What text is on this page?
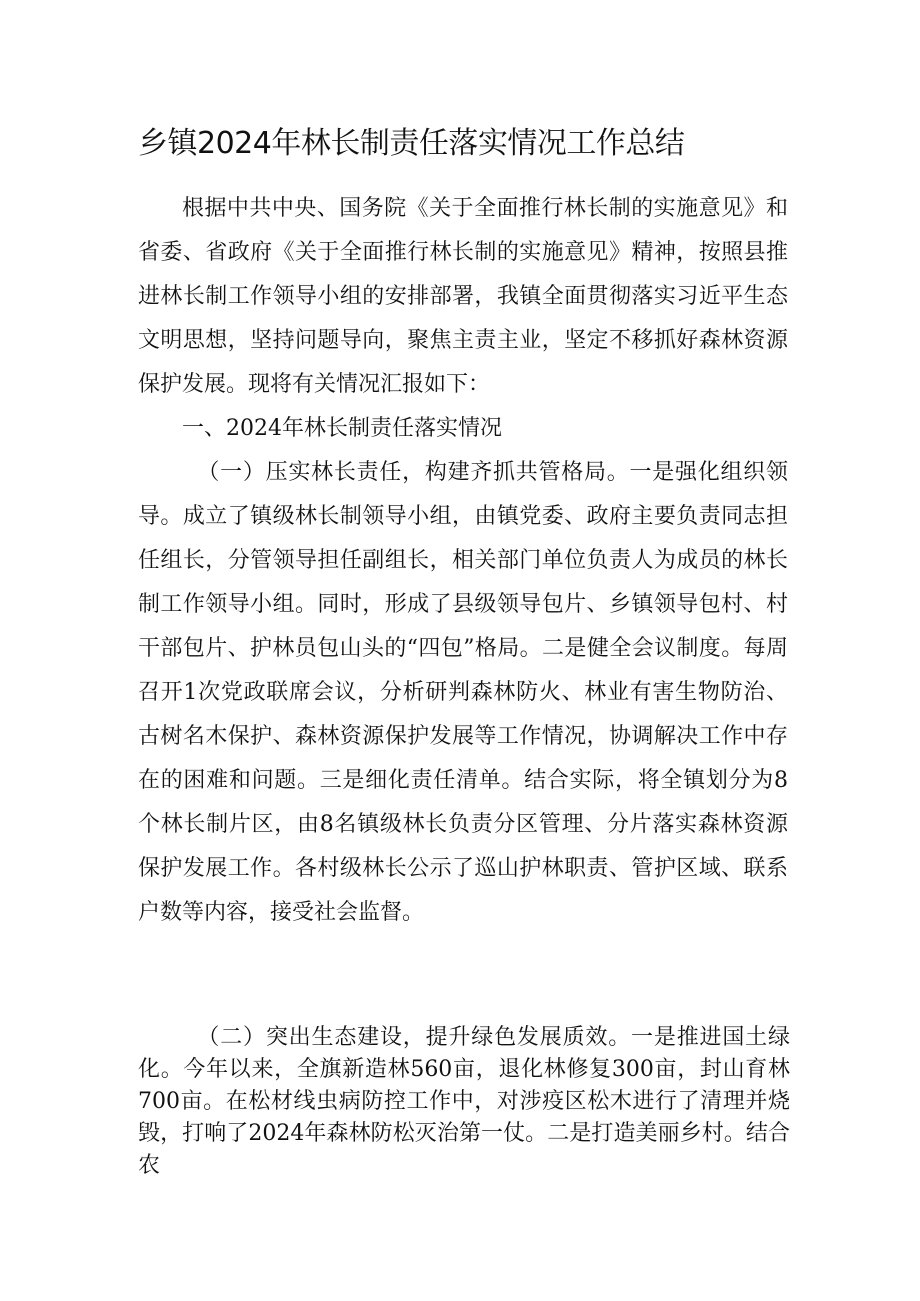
乡镇2024年林长制责任落实情况工作总结

根据中共中央、国务院《关于全面推行林长制的实施意见》和省委、省政府《关于全面推行林长制的实施意见》精神，按照县推进林长制工作领导小组的安排部署，我镇全面贯彻落实习近平生态文明思想，坚持问题导向，聚焦主责主业，坚定不移抓好森林资源保护发展。现将有关情况汇报如下：

一、2024年林长制责任落实情况

（一）压实林长责任，构建齐抓共管格局。一是强化组织领导。成立了镇级林长制领导小组，由镇党委、政府主要负责同志担任组长，分管领导担任副组长，相关部门单位负责人为成员的林长制工作领导小组。同时，形成了县级领导包片、乡镇领导包村、村干部包片、护林员包山头的“四包”格局。二是健全会议制度。每周召开1次党政联席会议，分析研判森林防火、林业有害生物防治、古树名木保护、森林资源保护发展等工作情况，协调解决工作中存在的困难和问题。三是细化责任清单。结合实际，将全镇划分为8个林长制片区，由8名镇级林长负责分区管理、分片落实森林资源保护发展工作。各村级林长公示了巡山护林职责、管护区域、联系户数等内容，接受社会监督。

（二）突出生态建设，提升绿色发展质效。一是推进国土绿化。今年以来，全旗新造林560亩，退化林修复300亩，封山育林700亩。在松材线虫病防控工作中，对涉疫区松木进行了清理并烧毁，打响了2024年森林防松灭治第一仗。二是打造美丽乡村。结合农
